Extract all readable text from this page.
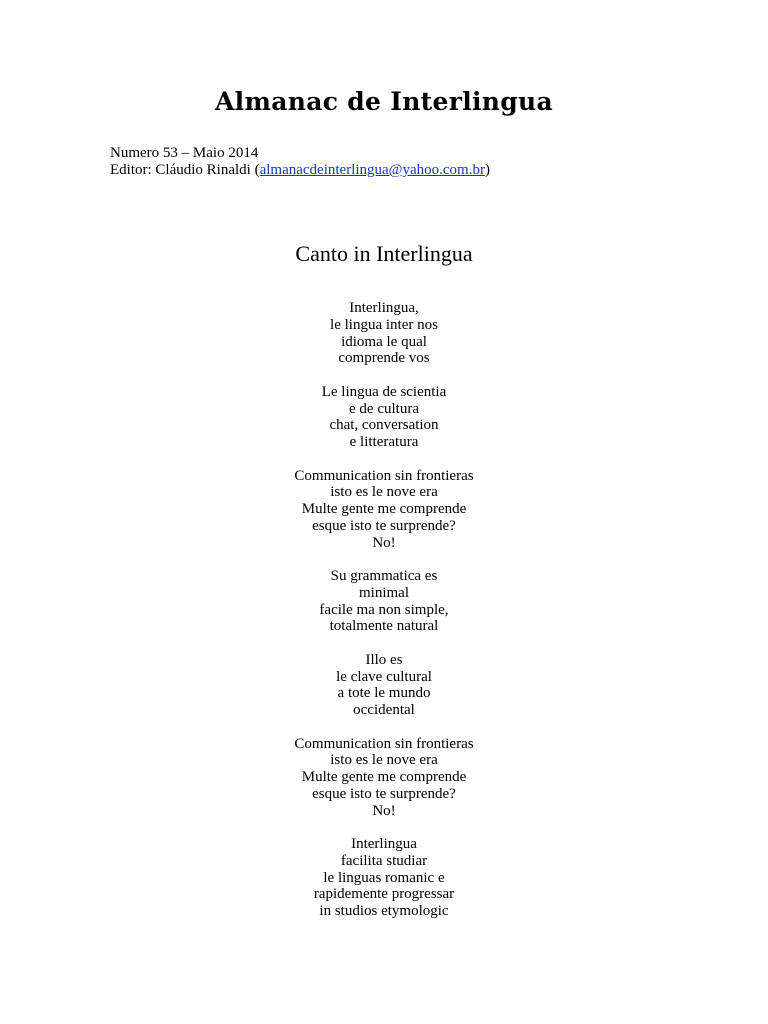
Almanac de Interlingua
Numero 53 – Maio 2014
Editor: Cláudio Rinaldi (almanacdeinterlingua@yahoo.com.br)
Canto in Interlingua
Interlingua,
le lingua inter nos
idioma le qual
comprende vos
Le lingua de scientia
e de cultura
chat, conversation
e litteratura
Communication sin frontieras
isto es le nove era
Multe gente me comprende
esque isto te surprende?
No!
Su grammatica es
minimal
facile ma non simple,
totalmente natural
Illo es
le clave cultural
a tote le mundo
occidental
Communication sin frontieras
isto es le nove era
Multe gente me comprende
esque isto te surprende?
No!
Interlingua
facilita studiar
le linguas romanic e
rapidemente progressar
in studios etymologic
